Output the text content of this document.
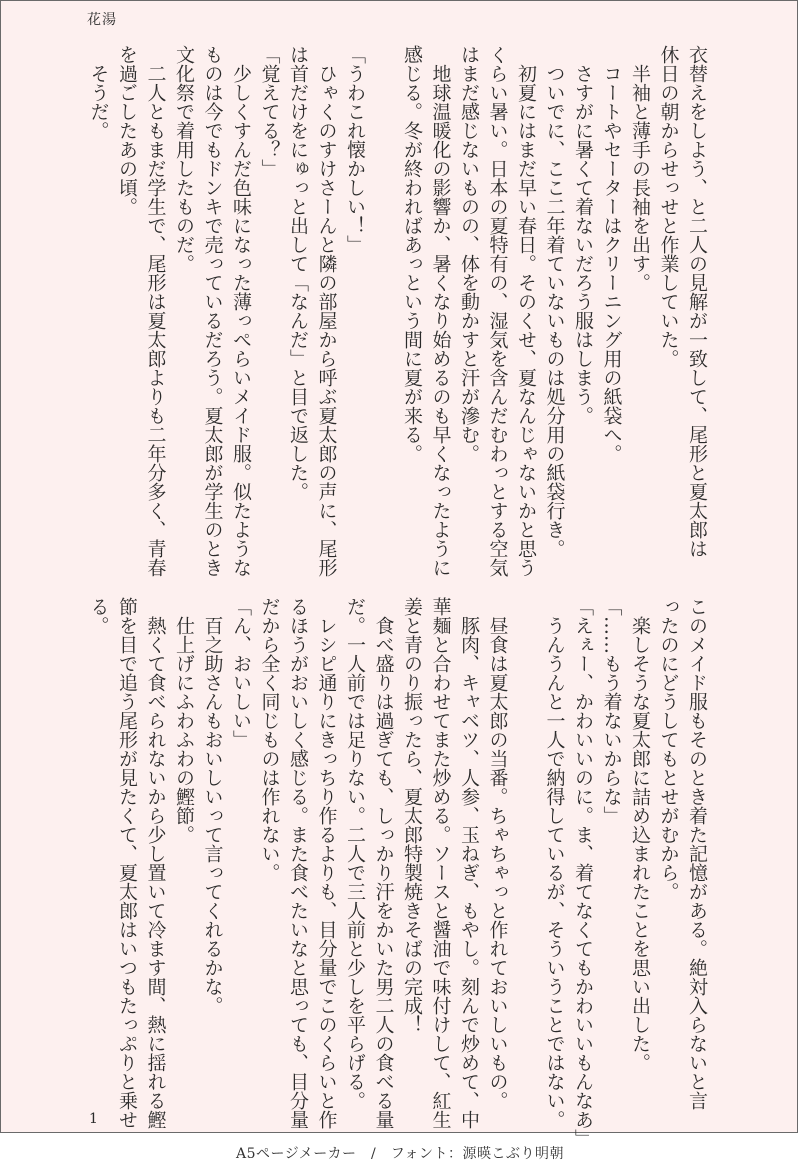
花湯

衣替えをしよう、と二人の見解が一致して、尾形と夏太郎は

休日の朝からせっせと作業していた。

　半袖と薄手の長袖を出す。

　コートやセーターはクリーニング用の紙袋へ。

　さすがに暑くて着ないだろう服はしまう。

　ついでに、ここ二年着ていないものは処分用の紙袋行き。

　初夏にはまだ早い春日。そのくせ、夏なんじゃないかと思う

くらい暑い。日本の夏特有の、湿気を含んだむわっとする空気

はまだ感じないものの、体を動かすと汗が滲む。

　地球温暖化の影響か、暑くなり始めるのも早くなったように

感じる。冬が終わればあっという間に夏が来る。

「うわこれ懐かしい！」

　ひゃくのすけさーんと隣の部屋から呼ぶ夏太郎の声に、尾形

は首だけをにゅっと出して「なんだ」と目で返した。

「覚えてる？」

　少しくすんだ色味になった薄っぺらいメイド服。似たような

ものは今でもドンキで売っているだろう。夏太郎が学生のとき

文化祭で着用したものだ。

　二人ともまだ学生で、尾形は夏太郎よりも二年分多く、青春

を過ごしたあの頃。

　そうだ。

このメイド服もそのとき着た記憶がある。絶対入らないと言

ったのにどうしてもとせがむから。

　楽しそうな夏太郎に詰め込まれたことを思い出した。

「……もう着ないからな」

「えぇー、かわいいのに。ま、着てなくてもかわいいもんなあ」

　うんうんと一人で納得しているが、そういうことではない。

　昼食は夏太郎の当番。ちゃちゃっと作れておいしいもの。

　豚肉、キャベツ、人参、玉ねぎ、もやし。刻んで炒めて、中

華麺と合わせてまた炒める。ソースと醤油で味付けして、紅生

姜と青のり振ったら、夏太郎特製焼きそばの完成！

　食べ盛りは過ぎても、しっかり汗をかいた男二人の食べる量

だ。一人前では足りない。二人で三人前と少しを平らげる。

　レシピ通りにきっちり作るよりも、目分量でこのくらいと作

るほうがおいしく感じる。また食べたいなと思っても、目分量

だから全く同じものは作れない。

「ん、おいしい」

　百之助さんもおいしいって言ってくれるかな。

　仕上げにふわふわの鰹節。

　熱くて食べられないから少し置いて冷ます間、熱に揺れる鰹

節を目で追う尾形が見たくて、夏太郎はいつもたっぷりと乗せ

る。

1
A5ページメーカー　/　フォント：源暎こぶり明朝
